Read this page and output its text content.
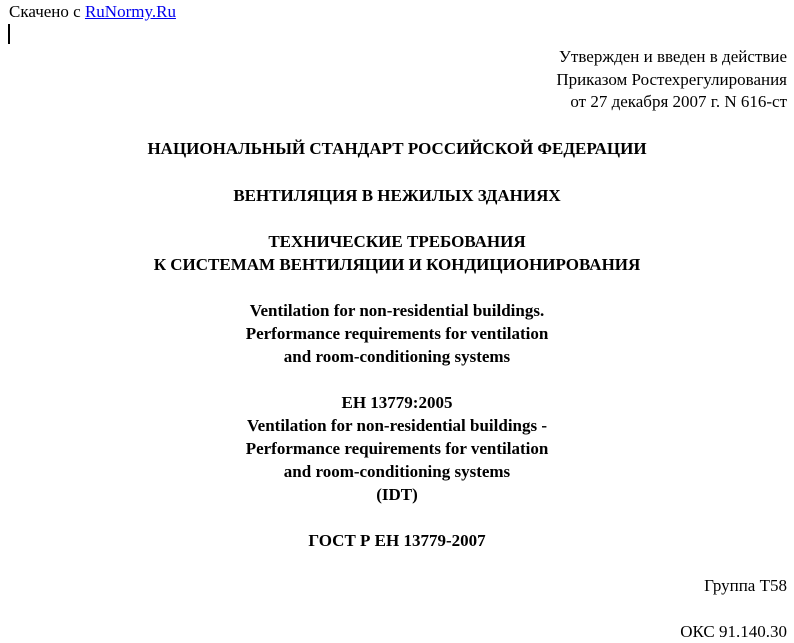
Скачено с RuNormy.Ru
Утвержден и введен в действие
Приказом Ростехрегулирования
от 27 декабря 2007 г. N 616-ст
НАЦИОНАЛЬНЫЙ СТАНДАРТ РОССИЙСКОЙ ФЕДЕРАЦИИ
ВЕНТИЛЯЦИЯ В НЕЖИЛЫХ ЗДАНИЯХ
ТЕХНИЧЕСКИЕ ТРЕБОВАНИЯ
К СИСТЕМАМ ВЕНТИЛЯЦИИ И КОНДИЦИОНИРОВАНИЯ
Ventilation for non-residential buildings.
Performance requirements for ventilation
and room-conditioning systems
ЕН 13779:2005
Ventilation for non-residential buildings -
Performance requirements for ventilation
and room-conditioning systems
(IDT)
ГОСТ Р ЕН 13779-2007
Группа Т58
ОКС 91.140.30
